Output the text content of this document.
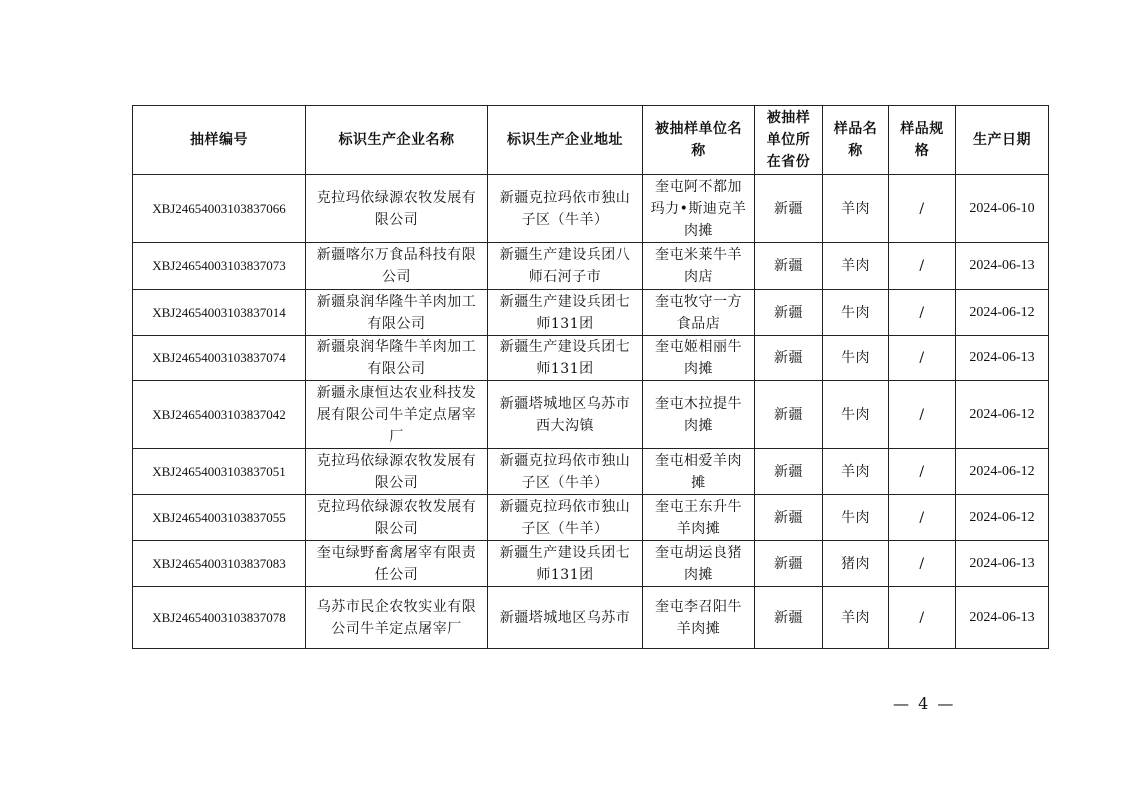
抽样编号	标识生产企业名称	标识生产企业地址	被抽样单位名称	被抽样单位所在省份	样品名称	样品规格	生产日期
XBJ24654003103837066	克拉玛依绿源农牧发展有限公司	新疆克拉玛依市独山子区（牛羊）	奎屯阿不都加玛力•斯迪克羊肉摊	新疆	羊肉	/	2024-06-10
XBJ24654003103837073	新疆喀尔万食品科技有限公司	新疆生产建设兵团八师石河子市	奎屯米莱牛羊肉店	新疆	羊肉	/	2024-06-13
XBJ24654003103837014	新疆泉润华隆牛羊肉加工有限公司	新疆生产建设兵团七师131团	奎屯牧守一方食品店	新疆	牛肉	/	2024-06-12
XBJ24654003103837074	新疆泉润华隆牛羊肉加工有限公司	新疆生产建设兵团七师131团	奎屯姬相丽牛肉摊	新疆	牛肉	/	2024-06-13
XBJ24654003103837042	新疆永康恒达农业科技发展有限公司牛羊定点屠宰厂	新疆塔城地区乌苏市西大沟镇	奎屯木拉提牛肉摊	新疆	牛肉	/	2024-06-12
XBJ24654003103837051	克拉玛依绿源农牧发展有限公司	新疆克拉玛依市独山子区（牛羊）	奎屯相爱羊肉摊	新疆	羊肉	/	2024-06-12
XBJ24654003103837055	克拉玛依绿源农牧发展有限公司	新疆克拉玛依市独山子区（牛羊）	奎屯王东升牛羊肉摊	新疆	牛肉	/	2024-06-12
XBJ24654003103837083	奎屯绿野畜禽屠宰有限责任公司	新疆生产建设兵团七师131团	奎屯胡运良猪肉摊	新疆	猪肉	/	2024-06-13
XBJ24654003103837078	乌苏市民企农牧实业有限公司牛羊定点屠宰厂	新疆塔城地区乌苏市	奎屯李召阳牛羊肉摊	新疆	羊肉	/	2024-06-13
— 4 —
